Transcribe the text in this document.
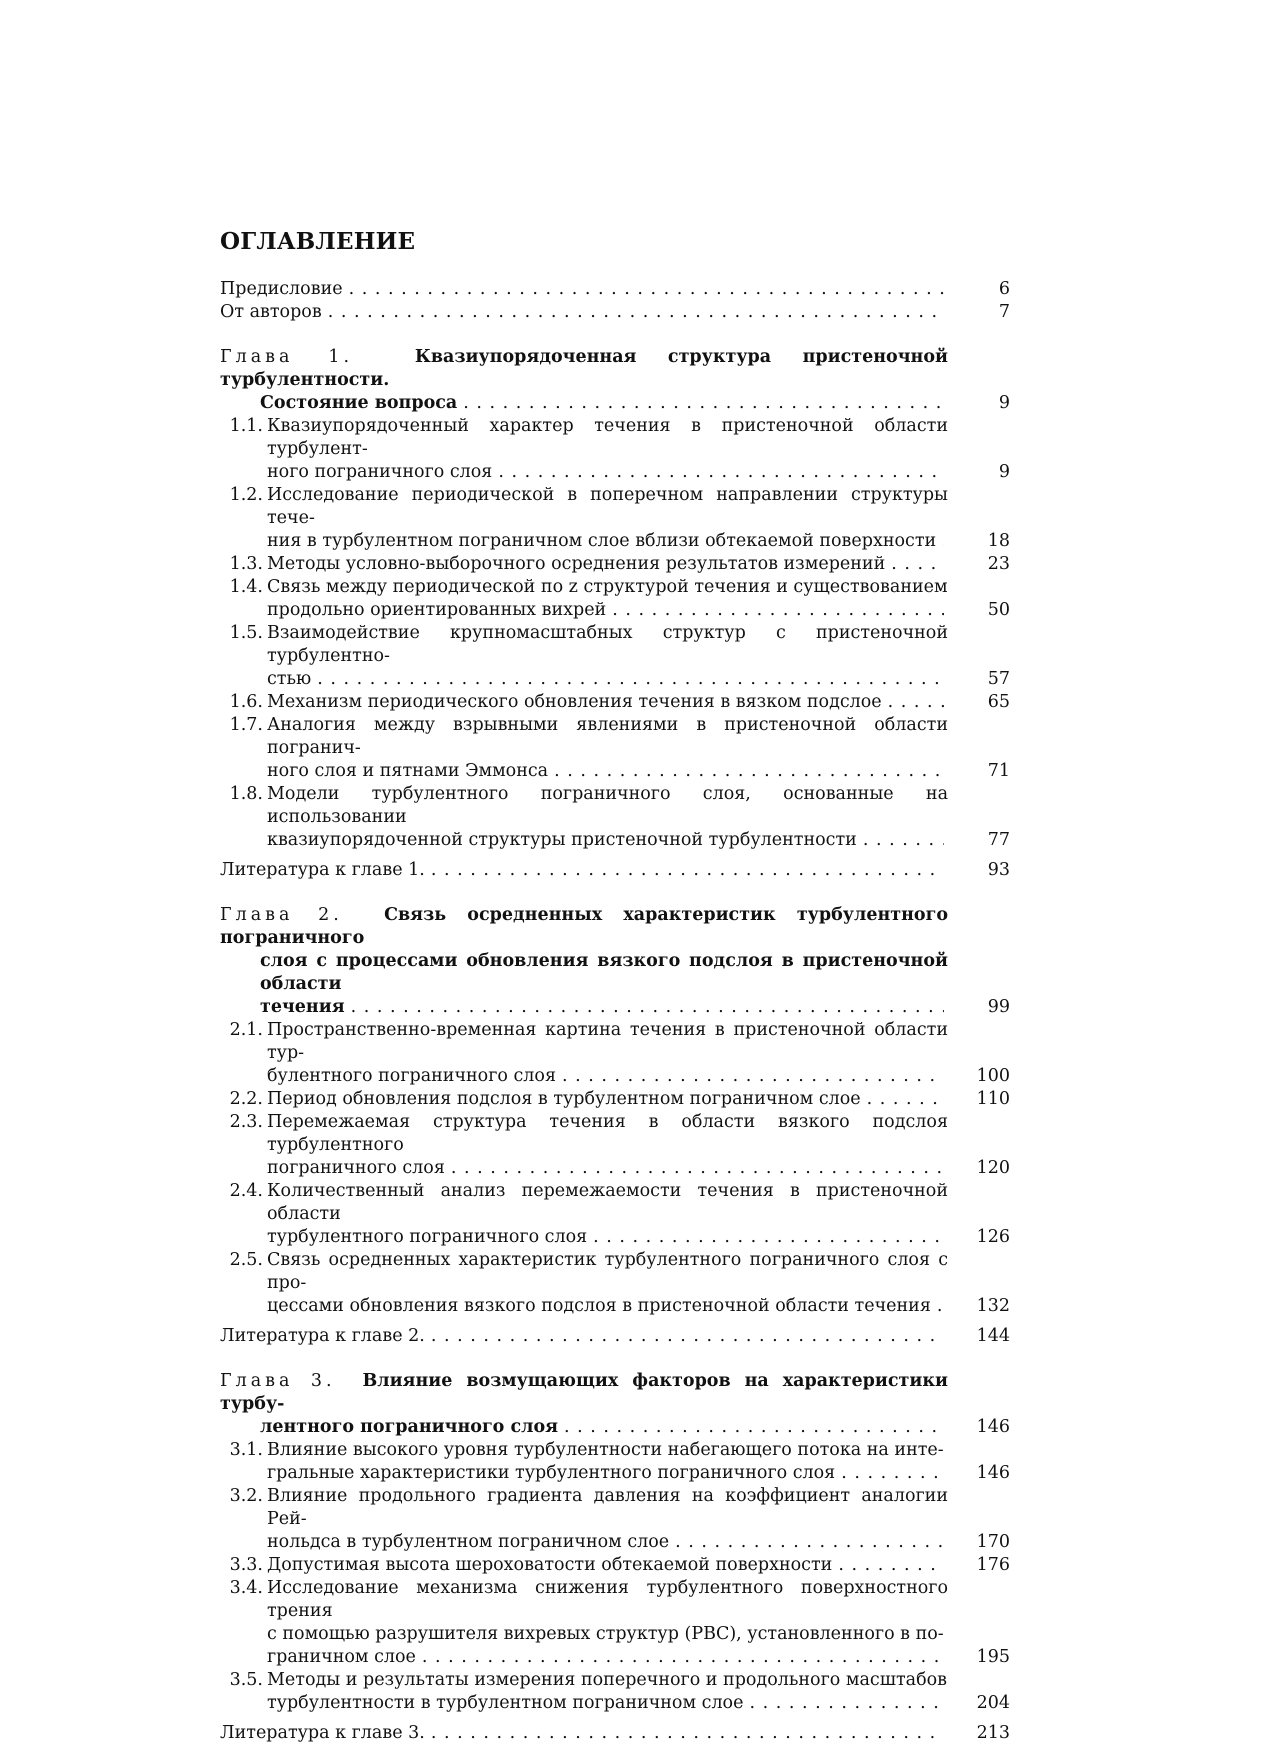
ОГЛАВЛЕНИЕ
Предисловие . . .	6
От авторов . . .	7
Глава 1.	Квазиупорядоченная структура пристеночной турбулентности.
Состояние вопроса . . .	9
1.1. Квазиупорядоченный характер течения в пристеночной области турбулент-
ного пограничного слоя . . .	9
1.2. Исследование периодической в поперечном направлении структуры тече-
ния в турбулентном пограничном слое вблизи обтекаемой поверхности . . .	18
1.3. Методы условно-выборочного осреднения результатов измерений . . .	23
1.4. Связь между периодической по z структурой течения и существованием
продольно ориентированных вихрей . . .	50
1.5. Взаимодействие крупномасштабных структур с пристеночной турбулентно-
стью . . .	57
1.6. Механизм периодического обновления течения в вязком подслое . . .	65
1.7. Аналогия между взрывными явлениями в пристеночной области погранич-
ного слоя и пятнами Эммонса . . .	71
1.8. Модели турбулентного пограничного слоя, основанные на использовании
квазиупорядоченной структуры пристеночной турбулентности . . .	77
Литература к главе 1. . . .	93
Глава 2. Связь осредненных характеристик турбулентного пограничного
слоя с процессами обновления вязкого подслоя в пристеночной области
течения . . .	99
2.1. Пространственно-временная картина течения в пристеночной области тур-
булентного пограничного слоя . . .	100
2.2. Период обновления подслоя в турбулентном пограничном слое . . .	110
2.3. Перемежаемая структура течения в области вязкого подслоя турбулентного
пограничного слоя . . .	120
2.4. Количественный анализ перемежаемости течения в пристеночной области
турбулентного пограничного слоя . . .	126
2.5. Связь осредненных характеристик турбулентного пограничного слоя с про-
цессами обновления вязкого подслоя в пристеночной области течения . . .	132
Литература к главе 2. . . .	144
Глава 3. Влияние возмущающих факторов на характеристики турбу-
лентного пограничного слоя . . .	146
3.1. Влияние высокого уровня турбулентности набегающего потока на инте-
гральные характеристики турбулентного пограничного слоя . . .	146
3.2. Влияние продольного градиента давления на коэффициент аналогии Рей-
нольдса в турбулентном пограничном слое . . .	170
3.3. Допустимая высота шероховатости обтекаемой поверхности . . .	176
3.4. Исследование механизма снижения турбулентного поверхностного трения
с помощью разрушителя вихревых структур (РВС), установленного в по-
граничном слое . . .	195
3.5. Методы и результаты измерения поперечного и продольного масштабов
турбулентности в турбулентном пограничном слое . . .	204
Литература к главе 3. . . .	213
